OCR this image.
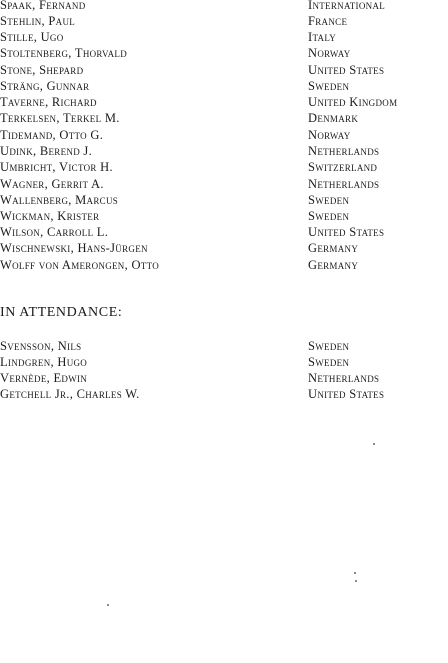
Spaak, Fernand	International
Stehlin, Paul	France
Stille, Ugo	Italy
Stoltenberg, Thorvald	Norway
Stone, Shepard	United States
Sträng, Gunnar	Sweden
Taverne, Richard	United Kingdom
Terkelsen, Terkel M.	Denmark
Tidemand, Otto G.	Norway
Udink, Berend J.	Netherlands
Umbricht, Victor H.	Switzerland
Wagner, Gerrit A.	Netherlands
Wallenberg, Marcus	Sweden
Wickman, Krister	Sweden
Wilson, Carroll L.	United States
Wischnewski, Hans-Jürgen	Germany
Wolff von Amerongen, Otto	Germany
IN ATTENDANCE:
Svensson, Nils	Sweden
Lindgren, Hugo	Sweden
Vernède, Edwin	Netherlands
Getchell Jr., Charles W.	United States
